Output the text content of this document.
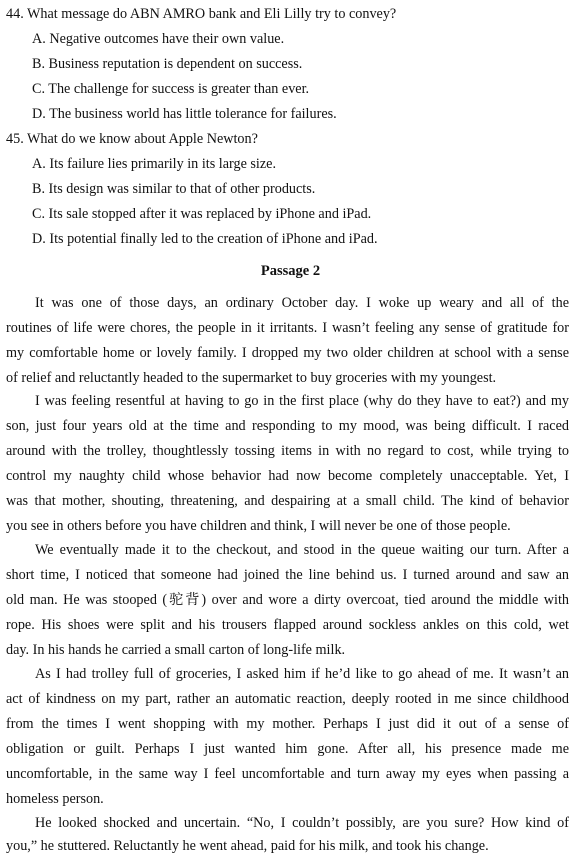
44. What message do ABN AMRO bank and Eli Lilly try to convey?
A. Negative outcomes have their own value.
B. Business reputation is dependent on success.
C. The challenge for success is greater than ever.
D. The business world has little tolerance for failures.
45. What do we know about Apple Newton?
A. Its failure lies primarily in its large size.
B. Its design was similar to that of other products.
C. Its sale stopped after it was replaced by iPhone and iPad.
D. Its potential finally led to the creation of iPhone and iPad.
Passage 2
It was one of those days, an ordinary October day. I woke up weary and all of the
routines of life were chores, the people in it irritants. I wasn’t feeling any sense of gratitude for
my comfortable home or lovely family. I dropped my two older children at school with a sense
of relief and reluctantly headed to the supermarket to buy groceries with my youngest.
I was feeling resentful at having to go in the first place (why do they have to eat?) and my
son, just four years old at the time and responding to my mood, was being difficult. I raced
around with the trolley, thoughtlessly tossing items in with no regard to cost, while trying to
control my naughty child whose behavior had now become completely unacceptable. Yet, I
was that mother, shouting, threatening, and despairing at a small child. The kind of behavior
you see in others before you have children and think, I will never be one of those people.
We eventually made it to the checkout, and stood in the queue waiting our turn. After a
short time, I noticed that someone had joined the line behind us. I turned around and saw an
old man. He was stooped (驼背) over and wore a dirty overcoat, tied around the middle with
rope. His shoes were split and his trousers flapped around sockless ankles on this cold, wet
day. In his hands he carried a small carton of long-life milk.
As I had trolley full of groceries, I asked him if he’d like to go ahead of me. It wasn’t an
act of kindness on my part, rather an automatic reaction, deeply rooted in me since childhood
from the times I went shopping with my mother. Perhaps I just did it out of a sense of
obligation or guilt. Perhaps I just wanted him gone. After all, his presence made me
uncomfortable, in the same way I feel uncomfortable and turn away my eyes when passing a
homeless person.
He looked shocked and uncertain. “No, I couldn’t possibly, are you sure? How kind of
you,” he stuttered. Reluctantly he went ahead, paid for his milk, and took his change.
